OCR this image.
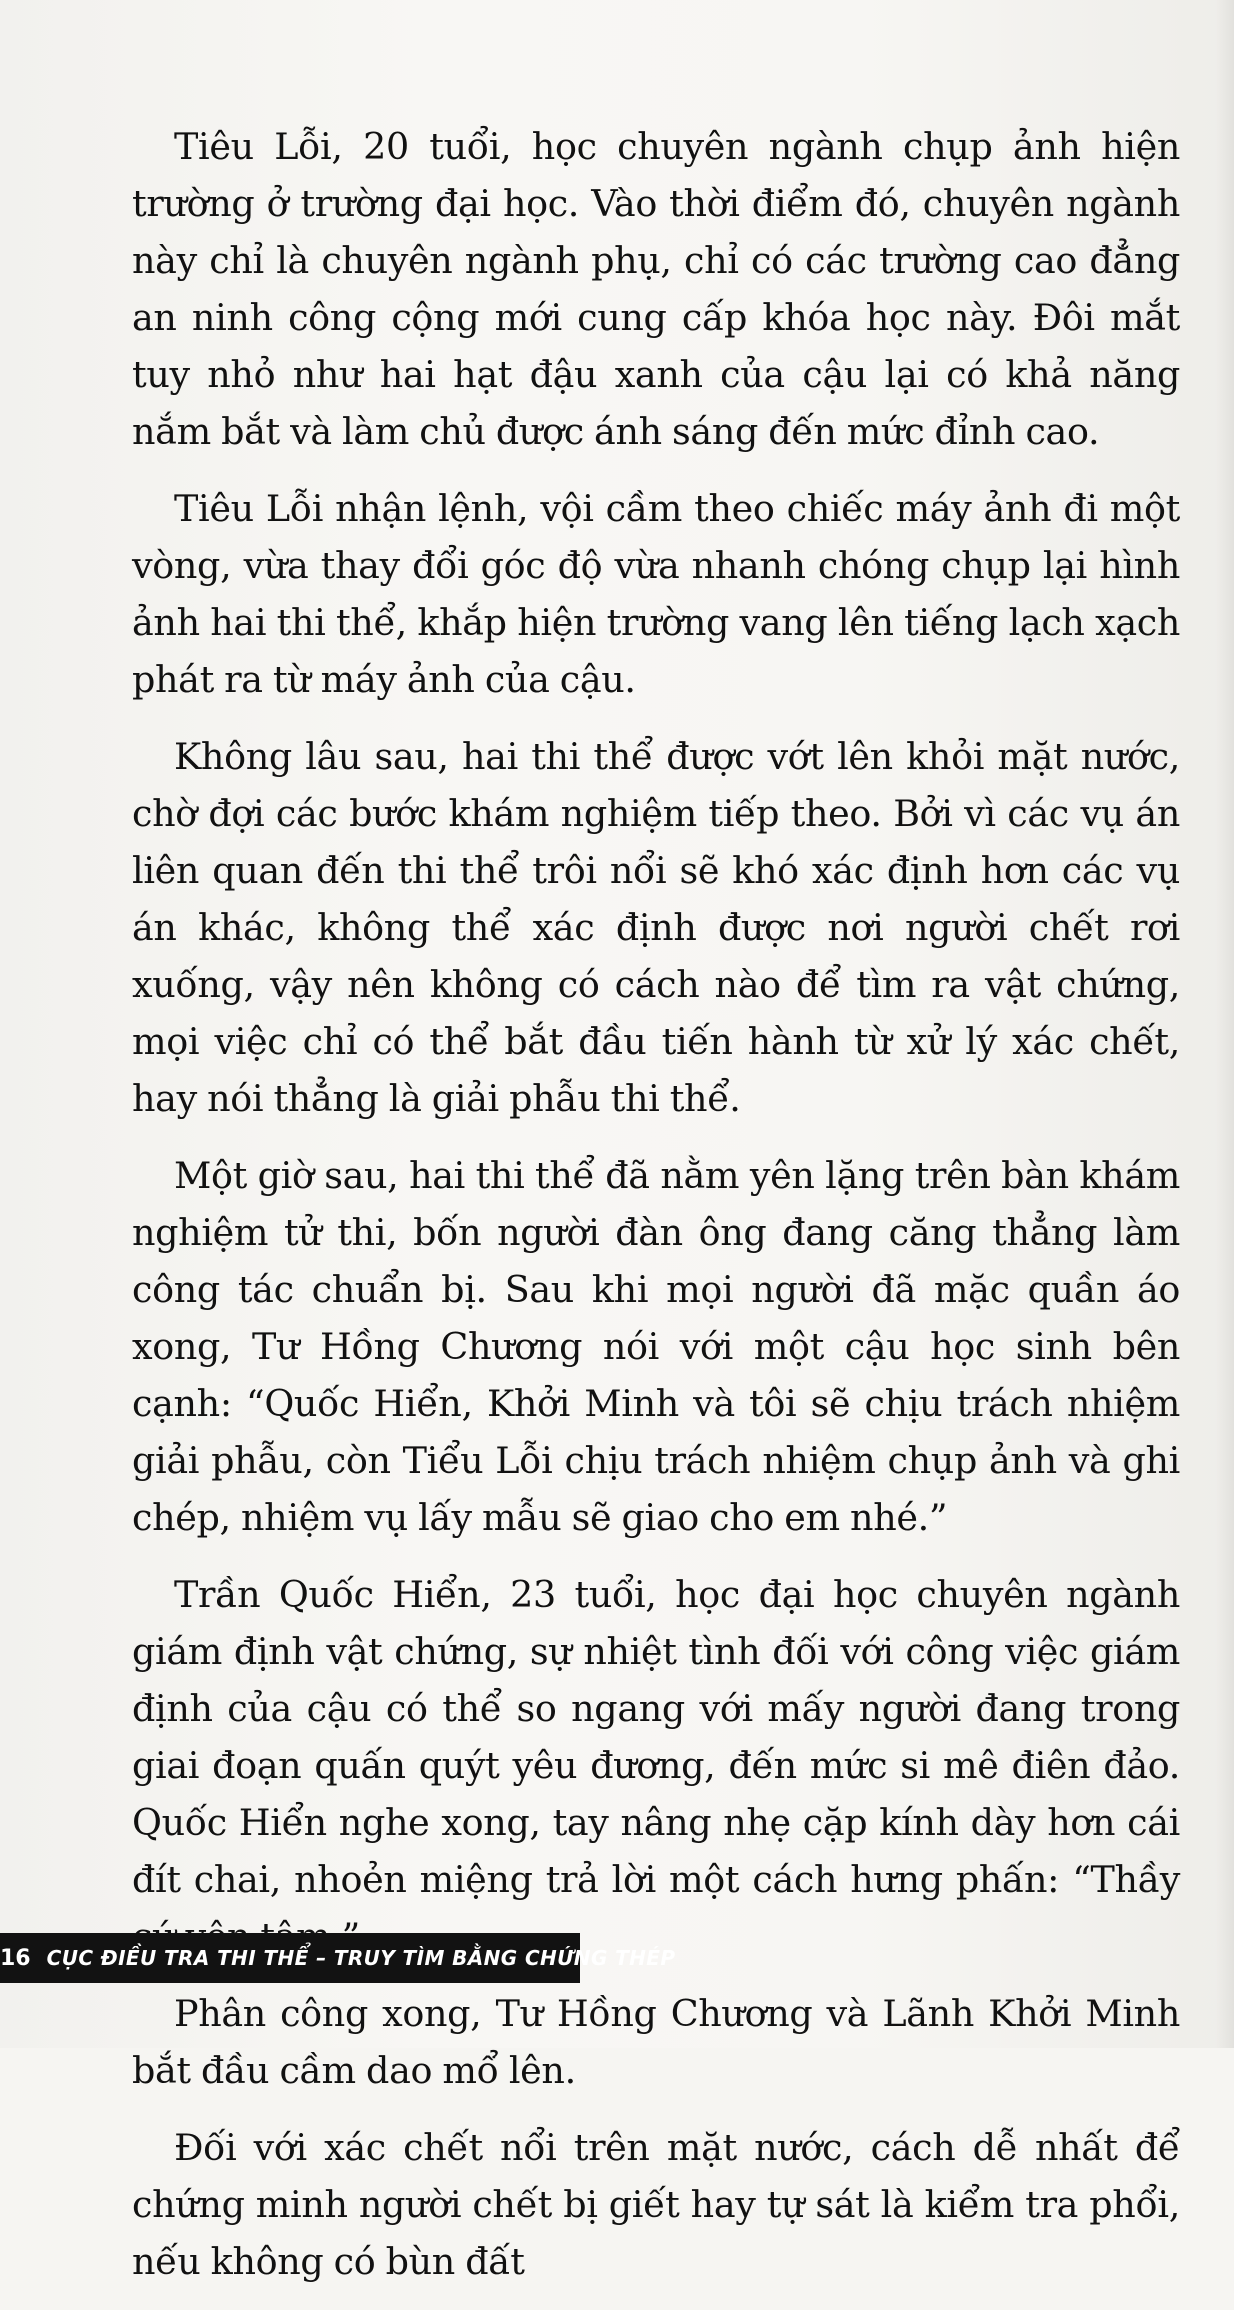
Tiêu Lỗi, 20 tuổi, học chuyên ngành chụp ảnh hiện trường ở trường đại học. Vào thời điểm đó, chuyên ngành này chỉ là chuyên ngành phụ, chỉ có các trường cao đẳng an ninh công cộng mới cung cấp khóa học này. Đôi mắt tuy nhỏ như hai hạt đậu xanh của cậu lại có khả năng nắm bắt và làm chủ được ánh sáng đến mức đỉnh cao.

Tiêu Lỗi nhận lệnh, vội cầm theo chiếc máy ảnh đi một vòng, vừa thay đổi góc độ vừa nhanh chóng chụp lại hình ảnh hai thi thể, khắp hiện trường vang lên tiếng lạch xạch phát ra từ máy ảnh của cậu.

Không lâu sau, hai thi thể được vớt lên khỏi mặt nước, chờ đợi các bước khám nghiệm tiếp theo. Bởi vì các vụ án liên quan đến thi thể trôi nổi sẽ khó xác định hơn các vụ án khác, không thể xác định được nơi người chết rơi xuống, vậy nên không có cách nào để tìm ra vật chứng, mọi việc chỉ có thể bắt đầu tiến hành từ xử lý xác chết, hay nói thẳng là giải phẫu thi thể.

Một giờ sau, hai thi thể đã nằm yên lặng trên bàn khám nghiệm tử thi, bốn người đàn ông đang căng thẳng làm công tác chuẩn bị. Sau khi mọi người đã mặc quần áo xong, Tư Hồng Chương nói với một cậu học sinh bên cạnh: “Quốc Hiển, Khởi Minh và tôi sẽ chịu trách nhiệm giải phẫu, còn Tiểu Lỗi chịu trách nhiệm chụp ảnh và ghi chép, nhiệm vụ lấy mẫu sẽ giao cho em nhé.”

Trần Quốc Hiển, 23 tuổi, học đại học chuyên ngành giám định vật chứng, sự nhiệt tình đối với công việc giám định của cậu có thể so ngang với mấy người đang trong giai đoạn quấn quýt yêu đương, đến mức si mê điên đảo. Quốc Hiển nghe xong, tay nâng nhẹ cặp kính dày hơn cái đít chai, nhoẻn miệng trả lời một cách hưng phấn: “Thầy

Phân công xong, Tư Hồng Chương và Lãnh Khởi Minh bắt đầu cầm dao mổ lên.

Đối với xác chết nổi trên mặt nước, cách dễ nhất để chứng minh người chết bị giết hay tự sát là kiểm tra phổi, nếu không có bùn đất

16 CỤC ĐIỀU TRA THI THỂ – TRUY TÌM BẰNG CHỨNG THÉP
